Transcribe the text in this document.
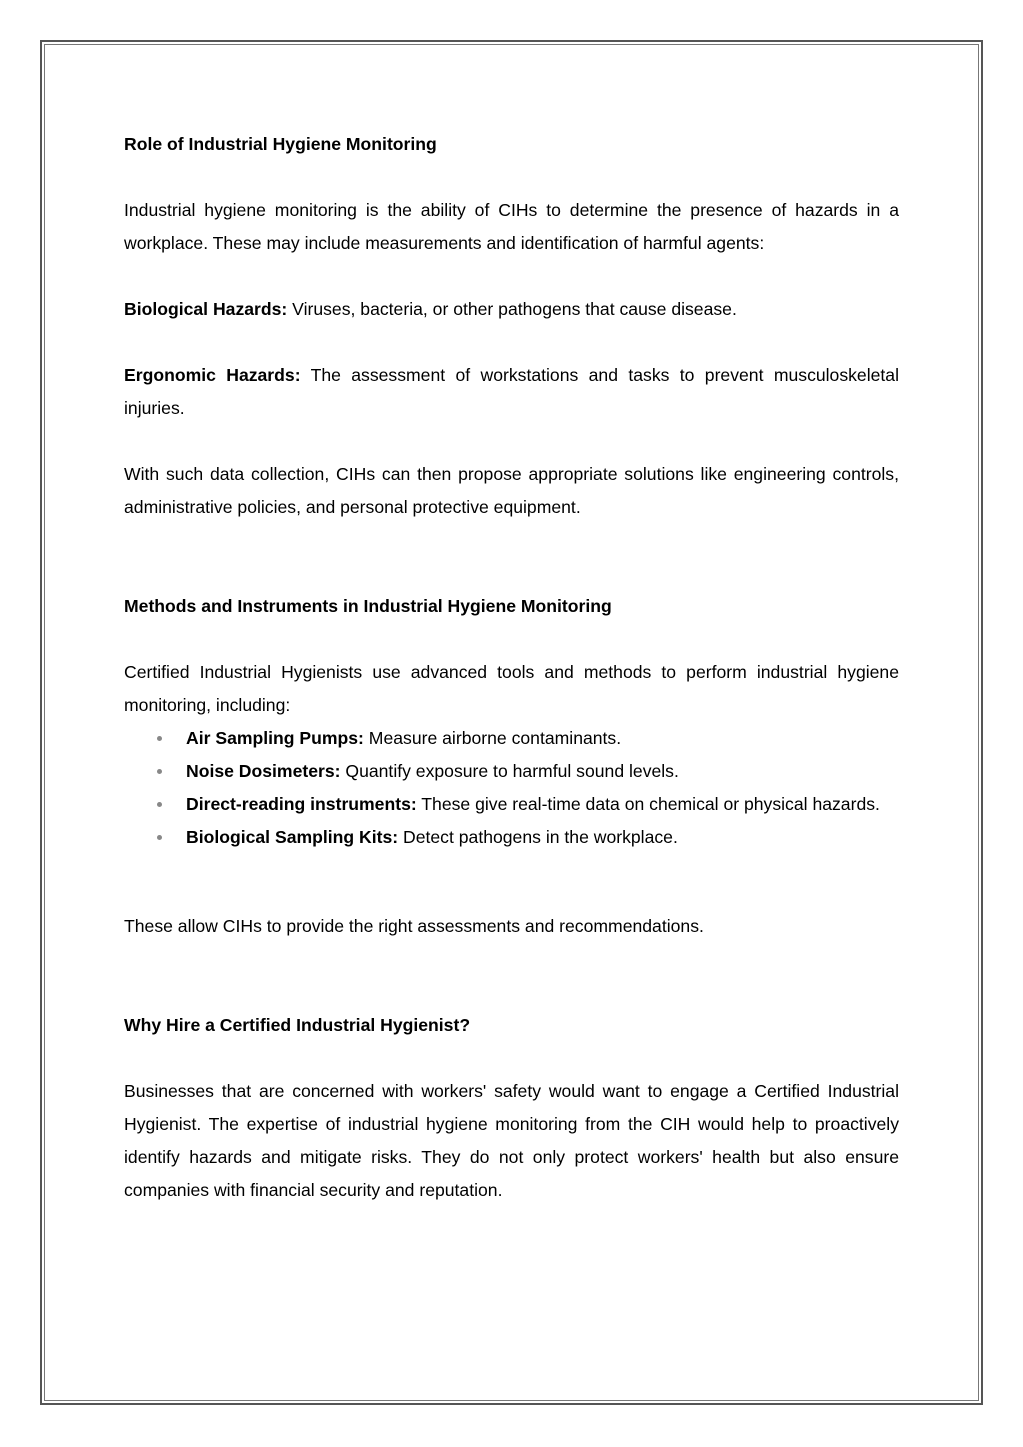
Role of Industrial Hygiene Monitoring

Industrial hygiene monitoring is the ability of CIHs to determine the presence of hazards in a workplace. These may include measurements and identification of harmful agents:

Biological Hazards: Viruses, bacteria, or other pathogens that cause disease.

Ergonomic Hazards: The assessment of workstations and tasks to prevent musculoskeletal injuries.

With such data collection, CIHs can then propose appropriate solutions like engineering controls, administrative policies, and personal protective equipment.

Methods and Instruments in Industrial Hygiene Monitoring

Certified Industrial Hygienists use advanced tools and methods to perform industrial hygiene monitoring, including:

Air Sampling Pumps: Measure airborne contaminants.
Noise Dosimeters: Quantify exposure to harmful sound levels.
Direct-reading instruments: These give real-time data on chemical or physical hazards.
Biological Sampling Kits: Detect pathogens in the workplace.

These allow CIHs to provide the right assessments and recommendations.

Why Hire a Certified Industrial Hygienist?

Businesses that are concerned with workers' safety would want to engage a Certified Industrial Hygienist. The expertise of industrial hygiene monitoring from the CIH would help to proactively identify hazards and mitigate risks. They do not only protect workers' health but also ensure companies with financial security and reputation.
